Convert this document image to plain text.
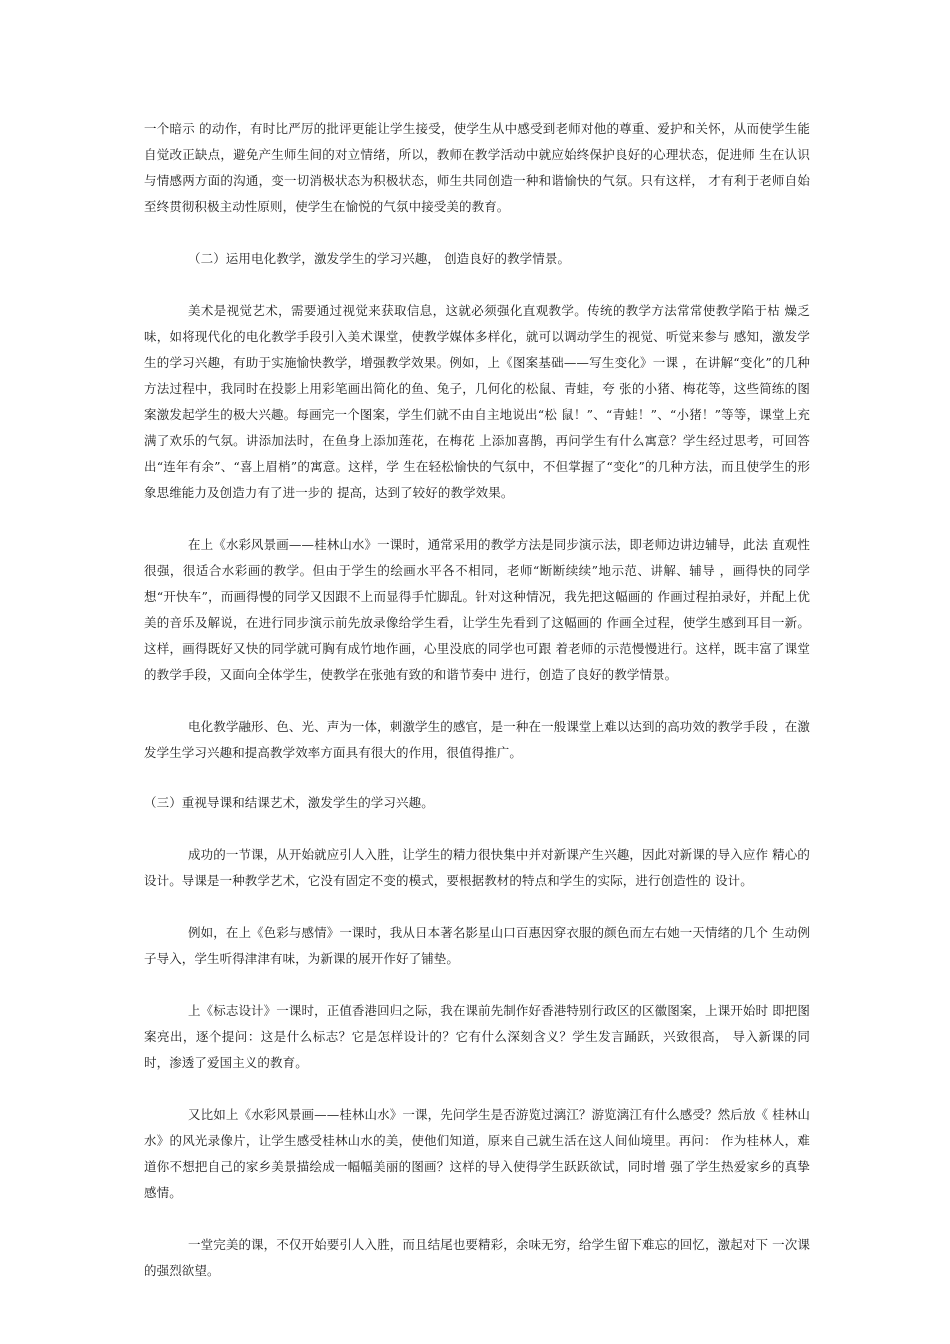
一个暗示 的动作，有时比严厉的批评更能让学生接受，使学生从中感受到老师对他的尊重、爱护和关怀，从而使学生能 自觉改正缺点，避免产生师生间的对立情绪，所以，教师在教学活动中就应始终保护良好的心理状态，促进师 生在认识与情感两方面的沟通，变一切消极状态为积极状态，师生共同创造一种和谐愉快的气氛。只有这样， 才有利于老师自始至终贯彻积极主动性原则，使学生在愉悦的气氛中接受美的教育。

（二）运用电化教学，激发学生的学习兴趣， 创造良好的教学情景。

美术是视觉艺术，需要通过视觉来获取信息，这就必须强化直观教学。传统的教学方法常常使教学陷于枯 燥乏味，如将现代化的电化教学手段引入美术课堂，使教学媒体多样化，就可以调动学生的视觉、听觉来参与 感知，激发学生的学习兴趣，有助于实施愉快教学，增强教学效果。例如，上《图案基础——写生变化》一课 ，在讲解“变化”的几种方法过程中，我同时在投影上用彩笔画出简化的鱼、兔子，几何化的松鼠、青蛙，夸 张的小猪、梅花等，这些简练的图案激发起学生的极大兴趣。每画完一个图案，学生们就不由自主地说出“松 鼠！”、“青蛙！”、“小猪！”等等，课堂上充满了欢乐的气氛。讲添加法时，在鱼身上添加莲花，在梅花 上添加喜鹊，再问学生有什么寓意？学生经过思考，可回答出“连年有余”、“喜上眉梢”的寓意。这样，学 生在轻松愉快的气氛中，不但掌握了“变化”的几种方法，而且使学生的形象思维能力及创造力有了进一步的 提高，达到了较好的教学效果。

在上《水彩风景画——桂林山水》一课时，通常采用的教学方法是同步演示法，即老师边讲边辅导，此法 直观性很强，很适合水彩画的教学。但由于学生的绘画水平各不相同，老师“断断续续”地示范、讲解、辅导 ，画得快的同学想“开快车”，而画得慢的同学又因跟不上而显得手忙脚乱。针对这种情况，我先把这幅画的 作画过程拍录好，并配上优美的音乐及解说，在进行同步演示前先放录像给学生看，让学生先看到了这幅画的 作画全过程，使学生感到耳目一新。这样，画得既好又快的同学就可胸有成竹地作画，心里没底的同学也可跟 着老师的示范慢慢进行。这样，既丰富了课堂的教学手段，又面向全体学生，使教学在张弛有致的和谐节奏中 进行，创造了良好的教学情景。

电化教学融形、色、光、声为一体，刺激学生的感官，是一种在一般课堂上难以达到的高功效的教学手段 ，在激发学生学习兴趣和提高教学效率方面具有很大的作用，很值得推广。

（三）重视导课和结课艺术，激发学生的学习兴趣。

成功的一节课，从开始就应引人入胜，让学生的精力很快集中并对新课产生兴趣，因此对新课的导入应作 精心的设计。导课是一种教学艺术，它没有固定不变的模式，要根据教材的特点和学生的实际，进行创造性的 设计。

例如，在上《色彩与感情》一课时，我从日本著名影星山口百惠因穿衣服的颜色而左右她一天情绪的几个 生动例子导入，学生听得津津有味，为新课的展开作好了铺垫。

上《标志设计》一课时，正值香港回归之际，我在课前先制作好香港特别行政区的区徽图案，上课开始时 即把图案亮出，逐个提问：这是什么标志？它是怎样设计的？它有什么深刻含义？学生发言踊跃，兴致很高， 导入新课的同时，渗透了爱国主义的教育。

又比如上《水彩风景画——桂林山水》一课，先问学生是否游览过漓江？游览漓江有什么感受？然后放《 桂林山水》的风光录像片，让学生感受桂林山水的美，使他们知道，原来自己就生活在这人间仙境里。再问： 作为桂林人，难道你不想把自己的家乡美景描绘成一幅幅美丽的图画？这样的导入使得学生跃跃欲试，同时增 强了学生热爱家乡的真挚感情。

一堂完美的课，不仅开始要引人入胜，而且结尾也要精彩，余味无穷，给学生留下难忘的回忆，激起对下 一次课的强烈欲望。
